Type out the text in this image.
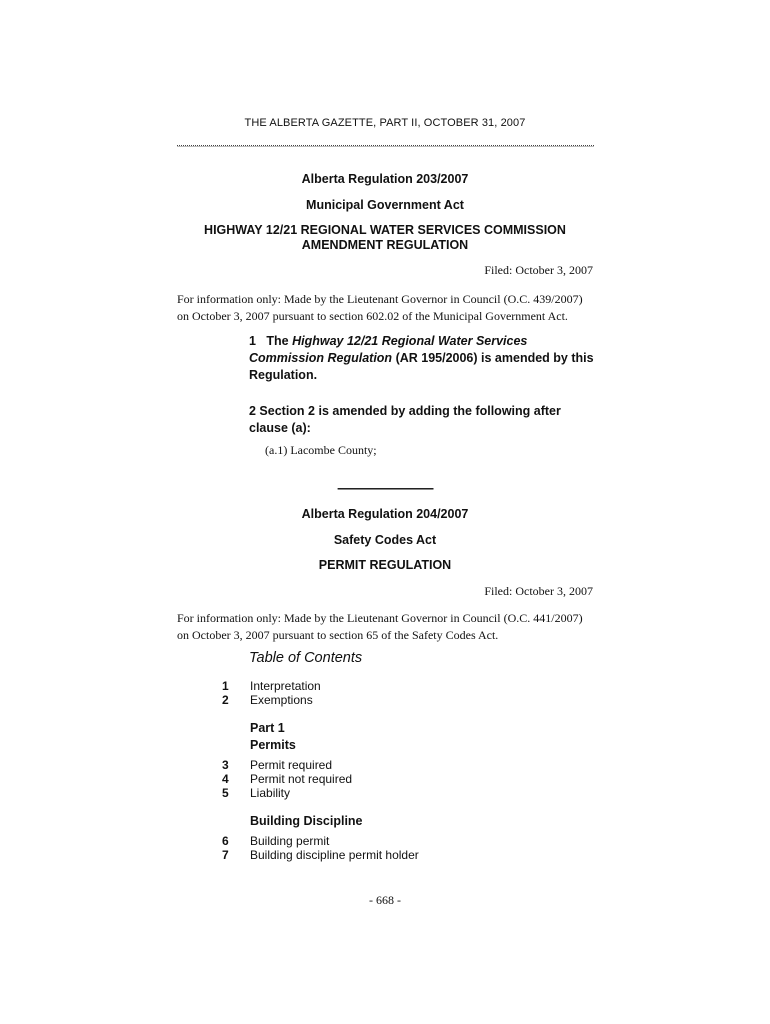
THE ALBERTA GAZETTE, PART II, OCTOBER 31, 2007
Alberta Regulation 203/2007
Municipal Government Act
HIGHWAY 12/21 REGIONAL WATER SERVICES COMMISSION
AMENDMENT REGULATION
Filed: October 3, 2007
For information only: Made by the Lieutenant Governor in Council (O.C. 439/2007)
on October 3, 2007 pursuant to section 602.02 of the Municipal Government Act.
1 The Highway 12/21 Regional Water Services
Commission Regulation (AR 195/2006) is amended by this
Regulation.
2 Section 2 is amended by adding the following after
clause (a):
(a.1) Lacombe County;
--------------------------------
Alberta Regulation 204/2007
Safety Codes Act
PERMIT REGULATION
Filed: October 3, 2007
For information only: Made by the Lieutenant Governor in Council (O.C. 441/2007)
on October 3, 2007 pursuant to section 65 of the Safety Codes Act.
Table of Contents
1	Interpretation
2	Exemptions
Part 1
Permits
3	Permit required
4	Permit not required
5	Liability
Building Discipline
6	Building permit
7	Building discipline permit holder
- 668 -
